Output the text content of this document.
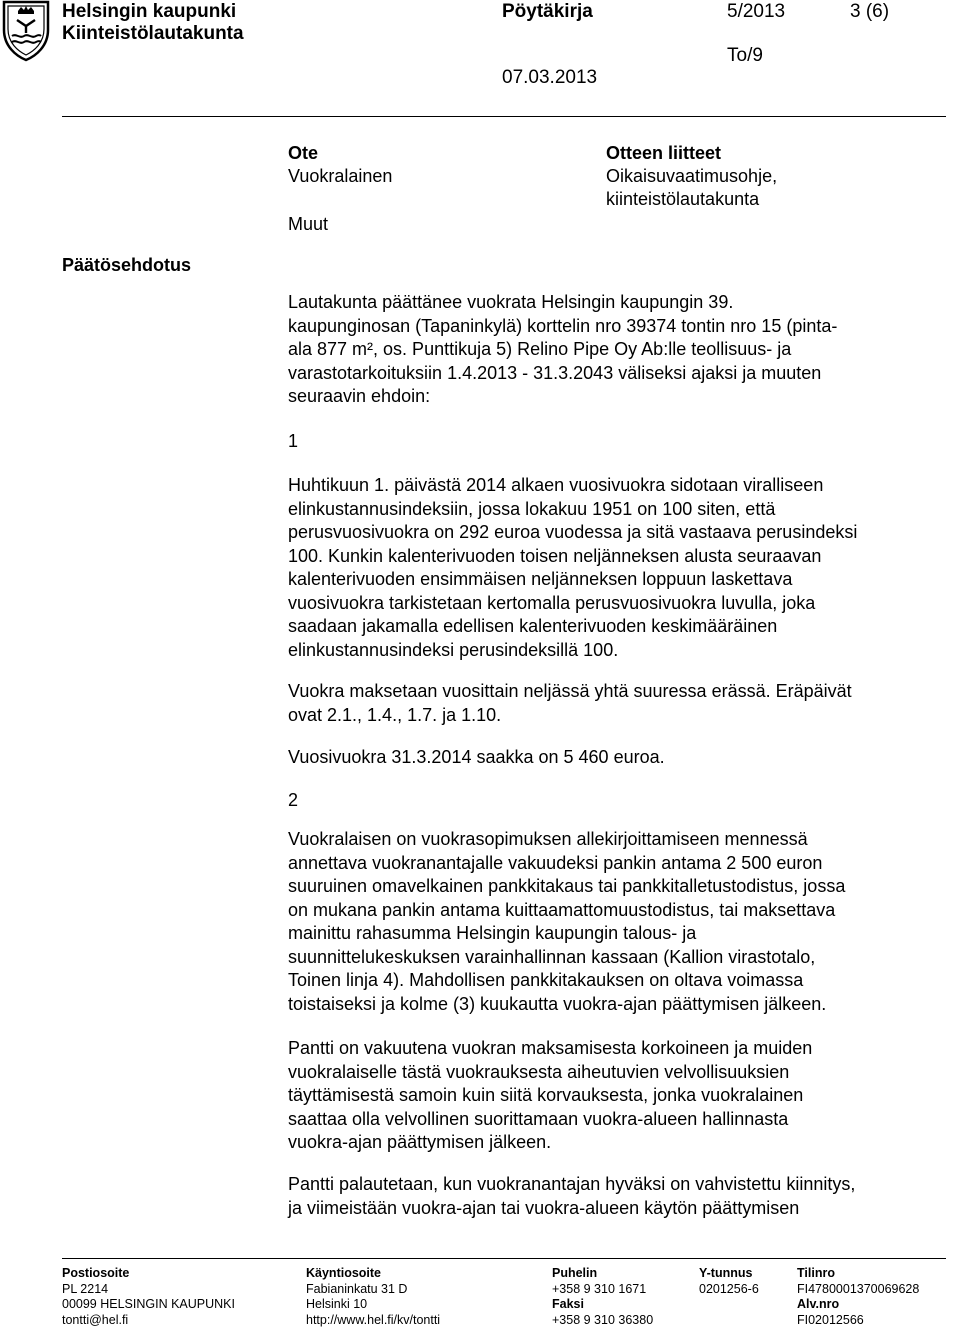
Helsingin kaupunki
Kiinteistölautakunta
Pöytäkirja	5/2013	3 (6)
To/9
07.03.2013
Ote
Vuokralainen
Muut
Otteen liitteet
Oikaisuvaatimusohje,
kiinteistölautakunta
Päätösehdotus
Lautakunta päättänee vuokrata Helsingin kaupungin 39.
kaupunginosan (Tapaninkylä) korttelin nro 39374 tontin nro 15 (pinta-
ala 877 m², os. Punttikuja 5) Relino Pipe Oy Ab:lle teollisuus- ja
varastotarkoituksiin 1.4.2013 - 31.3.2043 väliseksi ajaksi ja muuten
seuraavin ehdoin:
1
Huhtikuun 1. päivästä 2014 alkaen vuosivuokra sidotaan viralliseen
elinkustannusindeksiin, jossa lokakuu 1951 on 100 siten, että
perusvuosivuokra on 292 euroa vuodessa ja sitä vastaava perusindeksi
100. Kunkin kalenterivuoden toisen neljänneksen alusta seuraavan
kalenterivuoden ensimmäisen neljänneksen loppuun laskettava
vuosivuokra tarkistetaan kertomalla perusvuosivuokra luvulla, joka
saadaan jakamalla edellisen kalenterivuoden keskimääräinen
elinkustannusindeksi perusindeksillä 100.
Vuokra maksetaan vuosittain neljässä yhtä suuressa erässä. Eräpäivät
ovat 2.1., 1.4., 1.7. ja 1.10.
Vuosivuokra 31.3.2014 saakka on 5 460 euroa.
2
Vuokralaisen on vuokrasopimuksen allekirjoittamiseen mennessä
annettava vuokranantajalle vakuudeksi pankin antama 2 500 euron
suuruinen omavelkainen pankkitakaus tai pankkitalletustodistus, jossa
on mukana pankin antama kuittaamattomuustodistus, tai maksettava
mainittu rahasumma Helsingin kaupungin talous- ja
suunnittelukeskuksen varainhallinnan kassaan (Kallion virastotalo,
Toinen linja 4). Mahdollisen pankkitakauksen on oltava voimassa
toistaiseksi ja kolme (3) kuukautta vuokra-ajan päättymisen jälkeen.
Pantti on vakuutena vuokran maksamisesta korkoineen ja muiden
vuokralaiselle tästä vuokrauksesta aiheutuvien velvollisuuksien
täyttämisestä samoin kuin siitä korvauksesta, jonka vuokralainen
saattaa olla velvollinen suorittamaan vuokra-alueen hallinnasta
vuokra-ajan päättymisen jälkeen.
Pantti palautetaan, kun vuokranantajan hyväksi on vahvistettu kiinnitys,
ja viimeistään vuokra-ajan tai vuokra-alueen käytön päättymisen
Postiosoite
PL 2214
00099 HELSINGIN KAUPUNKI
tontti@hel.fi
Käyntiosoite
Fabianinkatu 31 D
Helsinki 10
http://www.hel.fi/kv/tontti
Puhelin
+358 9 310 1671
Faksi
+358 9 310 36380
Y-tunnus
0201256-6
Tilinro
FI4780001370069628
Alv.nro
FI02012566
